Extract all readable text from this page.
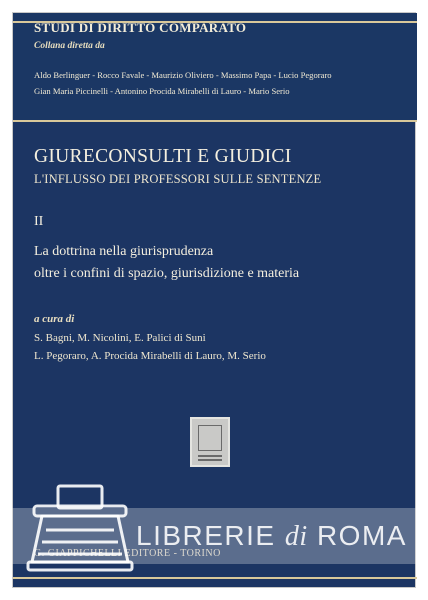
STUDI DI DIRITTO COMPARATO
Collana diretta da
Aldo Berlinguer - Rocco Favale - Maurizio Oliviero - Massimo Papa - Lucio Pegoraro
Gian Maria Piccinelli - Antonino Procida Mirabelli di Lauro - Mario Serio
GIURECONSULTI E GIUDICI
L'INFLUSSO DEI PROFESSORI SULLE SENTENZE
II
La dottrina nella giurisprudenza
oltre i confini di spazio, giurisdizione e materia
a cura di
S. Bagni, M. Nicolini, E. Palici di Suni
L. Pegoraro, A. Procida Mirabelli di Lauro, M. Serio
G. GIAPPICHELLI EDITORE - TORINO
LIBRERIE di ROMA
